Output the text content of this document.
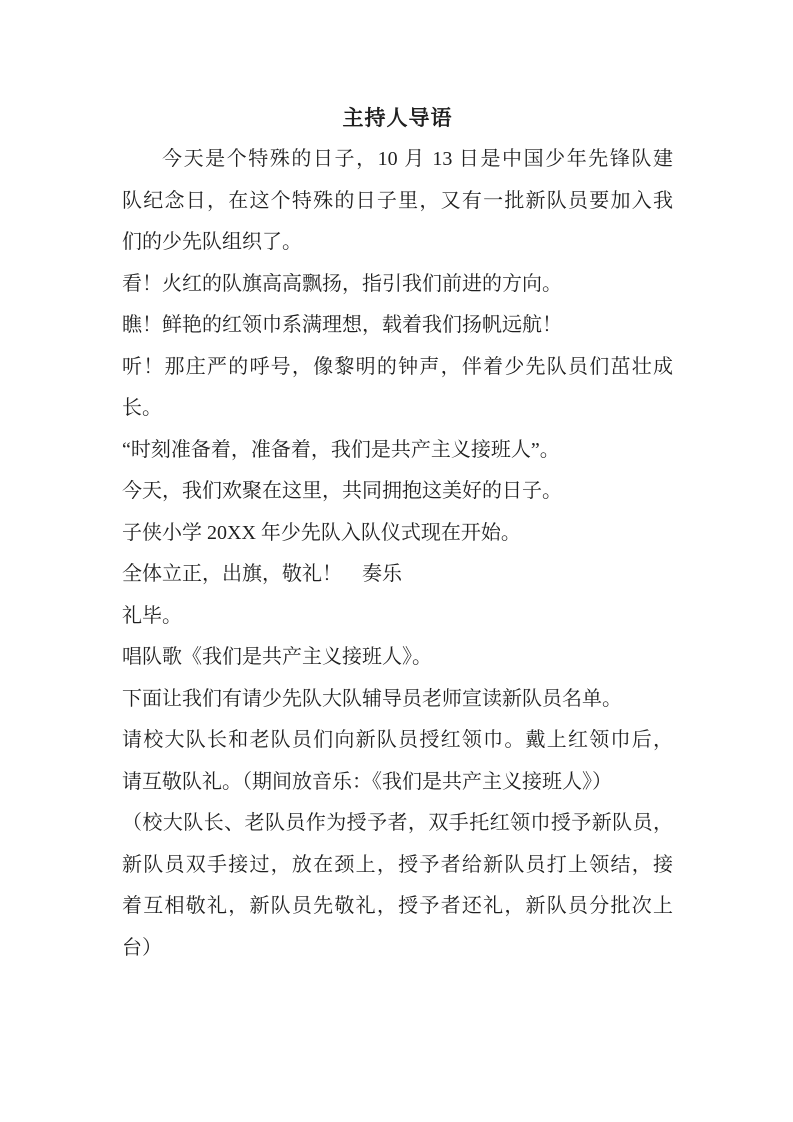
主持人导语
今天是个特殊的日子，10 月 13 日是中国少年先锋队建
队纪念日，在这个特殊的日子里，又有一批新队员要加入我
们的少先队组织了。
看！火红的队旗高高飘扬，指引我们前进的方向。
瞧！鲜艳的红领巾系满理想，载着我们扬帆远航！
听！那庄严的呼号，像黎明的钟声，伴着少先队员们茁壮成
长。
“时刻准备着，准备着，我们是共产主义接班人”。
今天，我们欢聚在这里，共同拥抱这美好的日子。
子侠小学 20XX 年少先队入队仪式现在开始。
全体立正，出旗，敬礼！　奏乐
礼毕。
唱队歌《我们是共产主义接班人》。
下面让我们有请少先队大队辅导员老师宣读新队员名单。
请校大队长和老队员们向新队员授红领巾。戴上红领巾后，
请互敬队礼。（期间放音乐：《我们是共产主义接班人》）
（校大队长、老队员作为授予者，双手托红领巾授予新队员，
新队员双手接过，放在颈上，授予者给新队员打上领结，接
着互相敬礼，新队员先敬礼，授予者还礼，新队员分批次上
台）
